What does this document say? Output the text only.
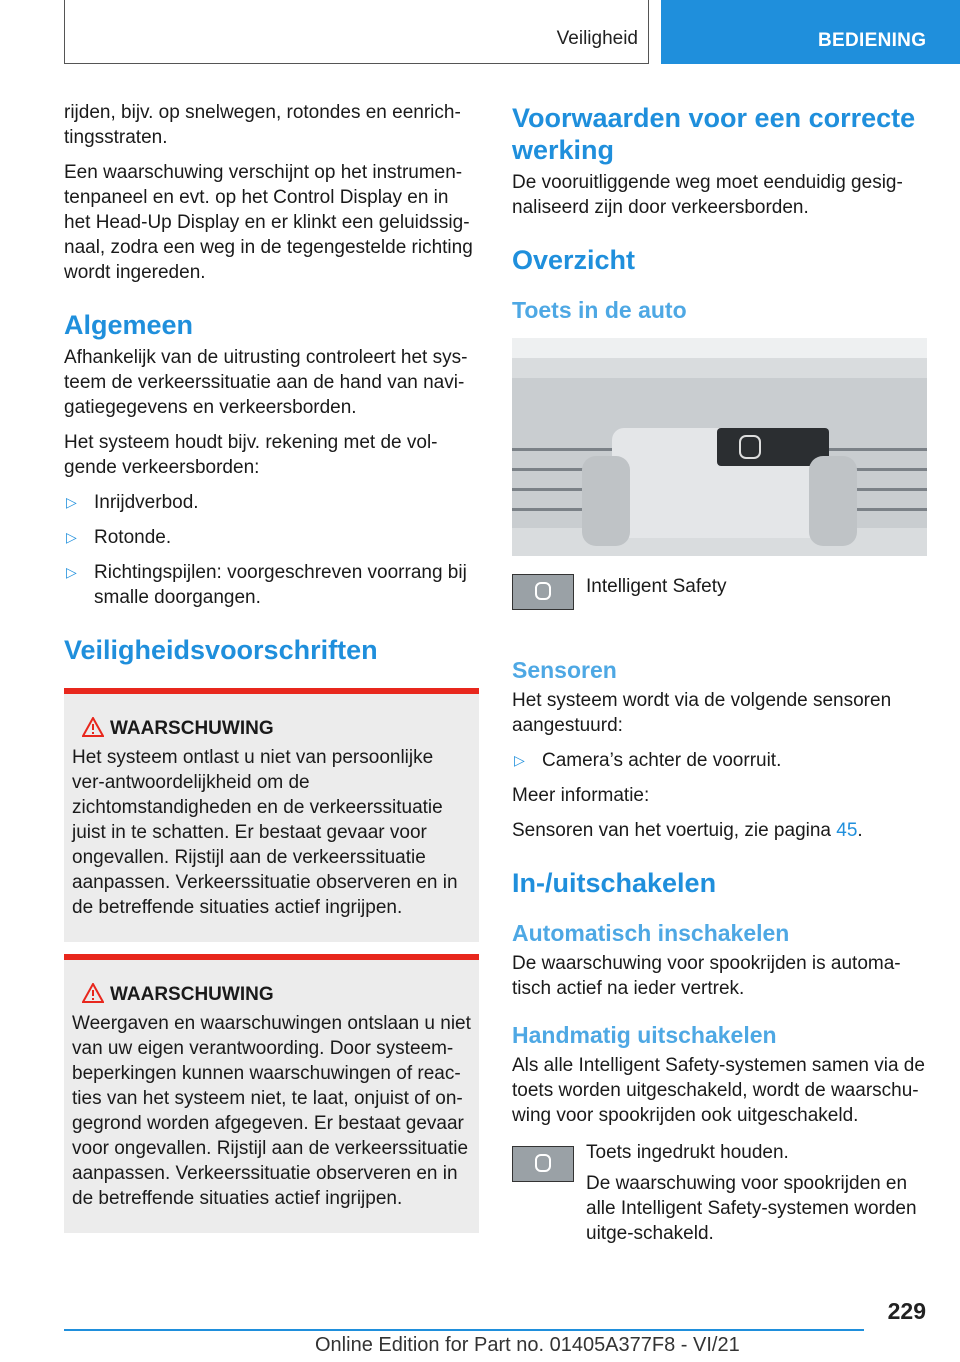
Veiligheid	BEDIENING

rijden, bijv. op snelwegen, rotondes en eenrich-tingsstraten.

Een waarschuwing verschijnt op het instrumen-tenpaneel en evt. op het Control Display en in het Head-Up Display en er klinkt een geluidssig-naal, zodra een weg in de tegengestelde richting wordt ingereden.

Algemeen

Afhankelijk van de uitrusting controleert het sys-teem de verkeerssituatie aan de hand van navi-gatiegegevens en verkeersborden.

Het systeem houdt bijv. rekening met de vol-gende verkeersborden:

▷ Inrijdverbod.
▷ Rotonde.
▷ Richtingspijlen: voorgeschreven voorrang bij smalle doorgangen.
Veiligheidsvoorschriften
WAARSCHUWING

Het systeem ontlast u niet van persoonlijke ver-antwoordelijkheid om de zichtomstandigheden en de verkeerssituatie juist in te schatten. Er bestaat gevaar voor ongevallen. Rijstijl aan de verkeerssituatie aanpassen. Verkeerssituatie observeren en in de betreffende situaties actief ingrijpen.

WAARSCHUWING

Weergaven en waarschuwingen ontslaan u niet van uw eigen verantwoording. Door systeem-beperkingen kunnen waarschuwingen of reac-ties van het systeem niet, te laat, onjuist of on-gegrond worden afgegeven. Er bestaat gevaar voor ongevallen. Rijstijl aan de verkeerssituatie aanpassen. Verkeerssituatie observeren en in de betreffende situaties actief ingrijpen.

Voorwaarden voor een correcte werking

De vooruitliggende weg moet eenduidig gesig-naliseerd zijn door verkeersborden.

Overzicht
Toets in de auto
Intelligent Safety
Sensoren

Het systeem wordt via de volgende sensoren aangestuurd:

▷ Camera’s achter de voorruit.

Meer informatie:

Sensoren van het voertuig, zie pagina 45.

In-/uitschakelen
Automatisch inschakelen

De waarschuwing voor spookrijden is automa-tisch actief na ieder vertrek.

Handmatig uitschakelen

Als alle Intelligent Safety-systemen samen via de toets worden uitgeschakeld, wordt de waarschu-wing voor spookrijden ook uitgeschakeld.

Toets ingedrukt houden.
De waarschuwing voor spookrijden en alle Intelligent Safety-systemen worden uitge-schakeld.
229
Online Edition for Part no. 01405A377F8 - VI/21
